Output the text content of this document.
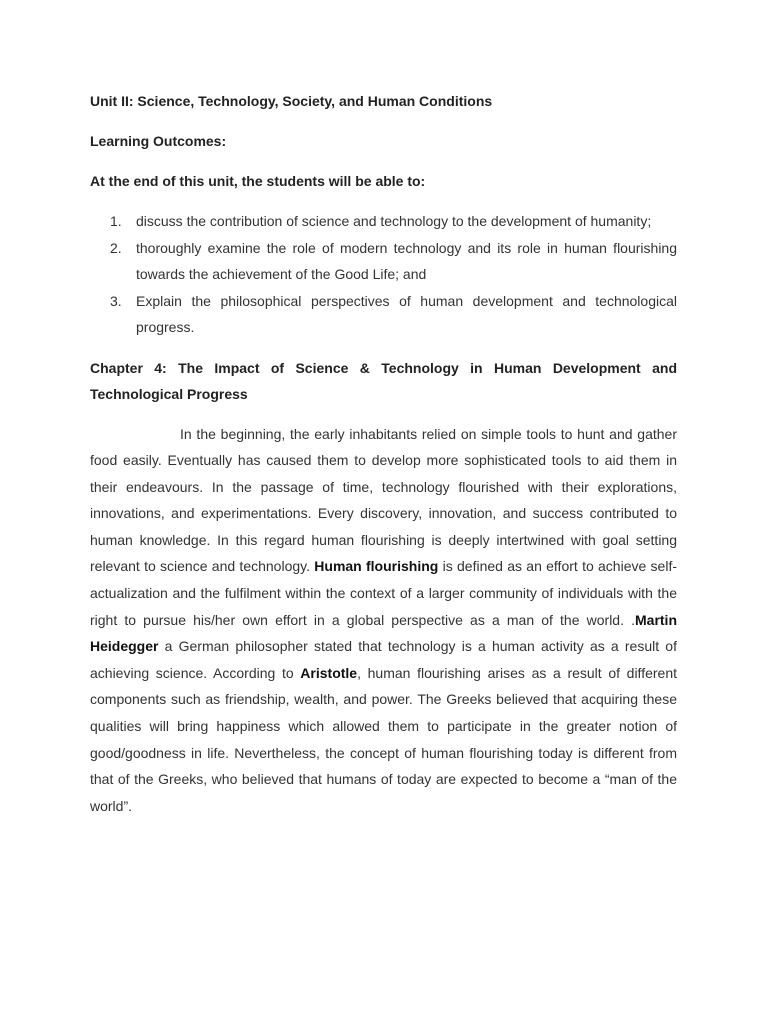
Unit II: Science, Technology, Society, and Human Conditions
Learning Outcomes:
At the end of this unit, the students will be able to:
1.	discuss the contribution of science and technology to the development of humanity;
2.	thoroughly examine the role of modern technology and its role in human flourishing towards the achievement of the Good Life; and
3.	Explain the philosophical perspectives of human development and technological progress.
Chapter 4: The Impact of Science & Technology in Human Development and Technological Progress

In the beginning, the early inhabitants relied on simple tools to hunt and gather food easily. Eventually has caused them to develop more sophisticated tools to aid them in their endeavours. In the passage of time, technology flourished with their explorations, innovations, and experimentations. Every discovery, innovation, and success contributed to human knowledge. In this regard human flourishing is deeply intertwined with goal setting relevant to science and technology. Human flourishing is defined as an effort to achieve self-actualization and the fulfilment within the context of a larger community of individuals with the right to pursue his/her own effort in a global perspective as a man of the world. .Martin Heidegger a German philosopher stated that technology is a human activity as a result of achieving science. According to Aristotle, human flourishing arises as a result of different components such as friendship, wealth, and power. The Greeks believed that acquiring these qualities will bring happiness which allowed them to participate in the greater notion of good/goodness in life. Nevertheless, the concept of human flourishing today is different from that of the Greeks, who believed that humans of today are expected to become a “man of the world”.
